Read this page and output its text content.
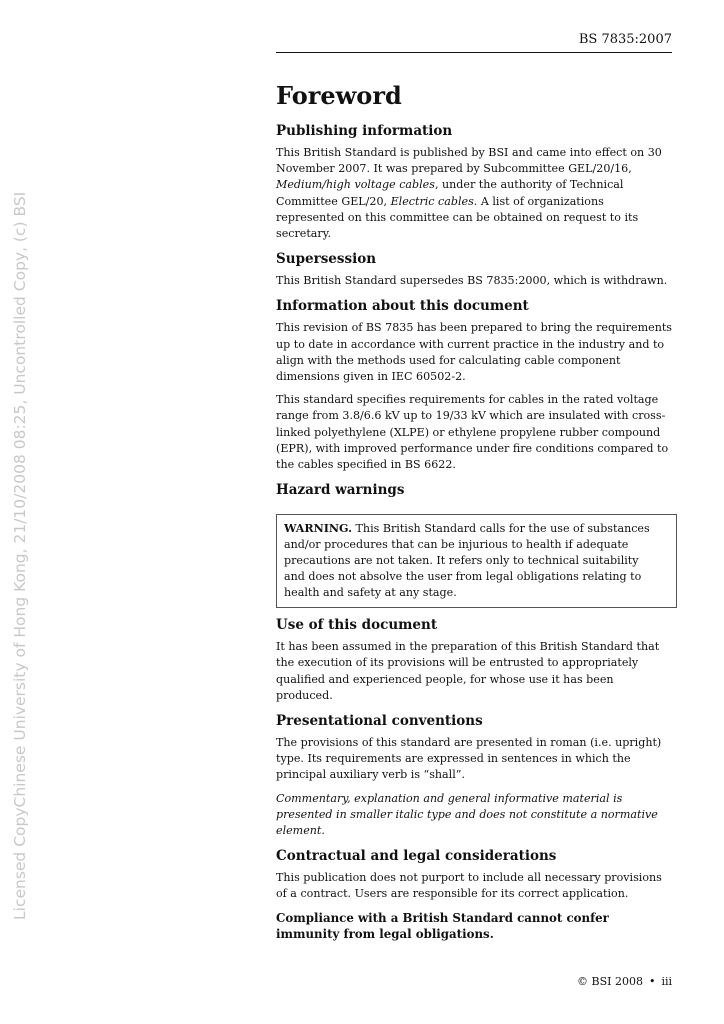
BS 7835:2007
Licensed CopyChinese University of Hong Kong, 21/10/2008 08:25, Uncontrolled Copy, (c) BSI
Foreword
Publishing information

This British Standard is published by BSI and came into effect on 30 November 2007. It was prepared by Subcommittee GEL/20/16, Medium/high voltage cables, under the authority of Technical Committee GEL/20, Electric cables. A list of organizations represented on this committee can be obtained on request to its secretary.

Supersession

This British Standard supersedes BS 7835:2000, which is withdrawn.

Information about this document

This revision of BS 7835 has been prepared to bring the requirements up to date in accordance with current practice in the industry and to align with the methods used for calculating cable component dimensions given in IEC 60502-2.

This standard specifies requirements for cables in the rated voltage range from 3.8/6.6 kV up to 19/33 kV which are insulated with cross-linked polyethylene (XLPE) or ethylene propylene rubber compound (EPR), with improved performance under fire conditions compared to the cables specified in BS 6622.

Hazard warnings
WARNING. This British Standard calls for the use of substances and/or procedures that can be injurious to health if adequate precautions are not taken. It refers only to technical suitability and does not absolve the user from legal obligations relating to health and safety at any stage.
Use of this document

It has been assumed in the preparation of this British Standard that the execution of its provisions will be entrusted to appropriately qualified and experienced people, for whose use it has been produced.

Presentational conventions

The provisions of this standard are presented in roman (i.e. upright) type. Its requirements are expressed in sentences in which the principal auxiliary verb is “shall”.

Commentary, explanation and general informative material is presented in smaller italic type and does not constitute a normative element.

Contractual and legal considerations

This publication does not purport to include all necessary provisions of a contract. Users are responsible for its correct application.

Compliance with a British Standard cannot confer immunity from legal obligations.

© BSI 2008 • iii
